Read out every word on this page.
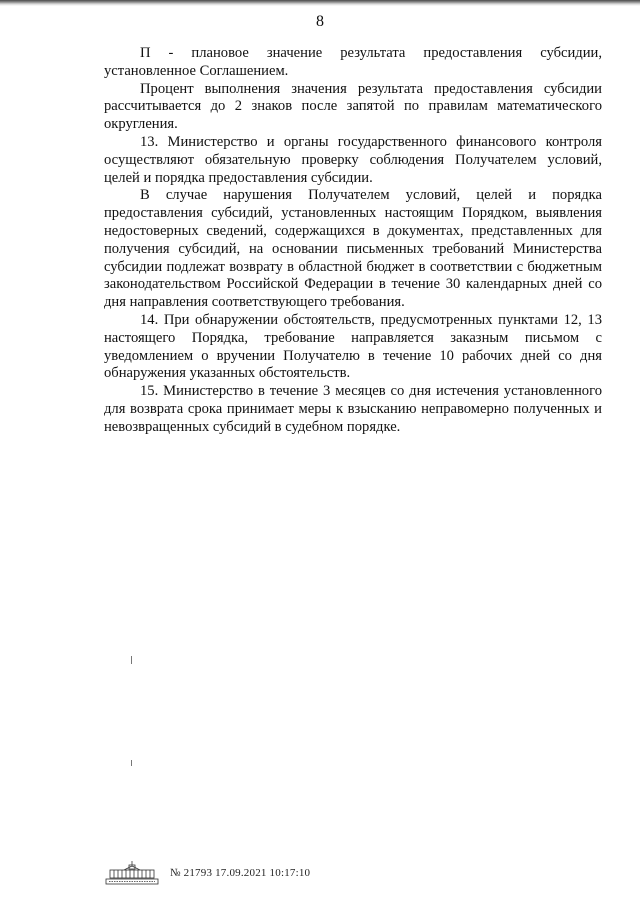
8

П - плановое значение результата предоставления субсидии, установленное Соглашением.

Процент выполнения значения результата предоставления субсидии рассчитывается до 2 знаков после запятой по правилам математического округления.

13. Министерство и органы государственного финансового контроля осуществляют обязательную проверку соблюдения Получателем условий, целей и порядка предоставления субсидии.

В случае нарушения Получателем условий, целей и порядка предоставления субсидий, установленных настоящим Порядком, выявления недостоверных сведений, содержащихся в документах, представленных для получения субсидий, на основании письменных требований Министерства субсидии подлежат возврату в областной бюджет в соответствии с бюджетным законодательством Российской Федерации в течение 30 календарных дней со дня направления соответствующего требования.

14. При обнаружении обстоятельств, предусмотренных пунктами 12, 13 настоящего Порядка, требование направляется заказным письмом с уведомлением о вручении Получателю в течение 10 рабочих дней со дня обнаружения указанных обстоятельств.

15. Министерство в течение 3 месяцев со дня истечения установленного для возврата срока принимает меры к взысканию неправомерно полученных и невозвращенных субсидий в судебном порядке.

№ 21793 17.09.2021 10:17:10
